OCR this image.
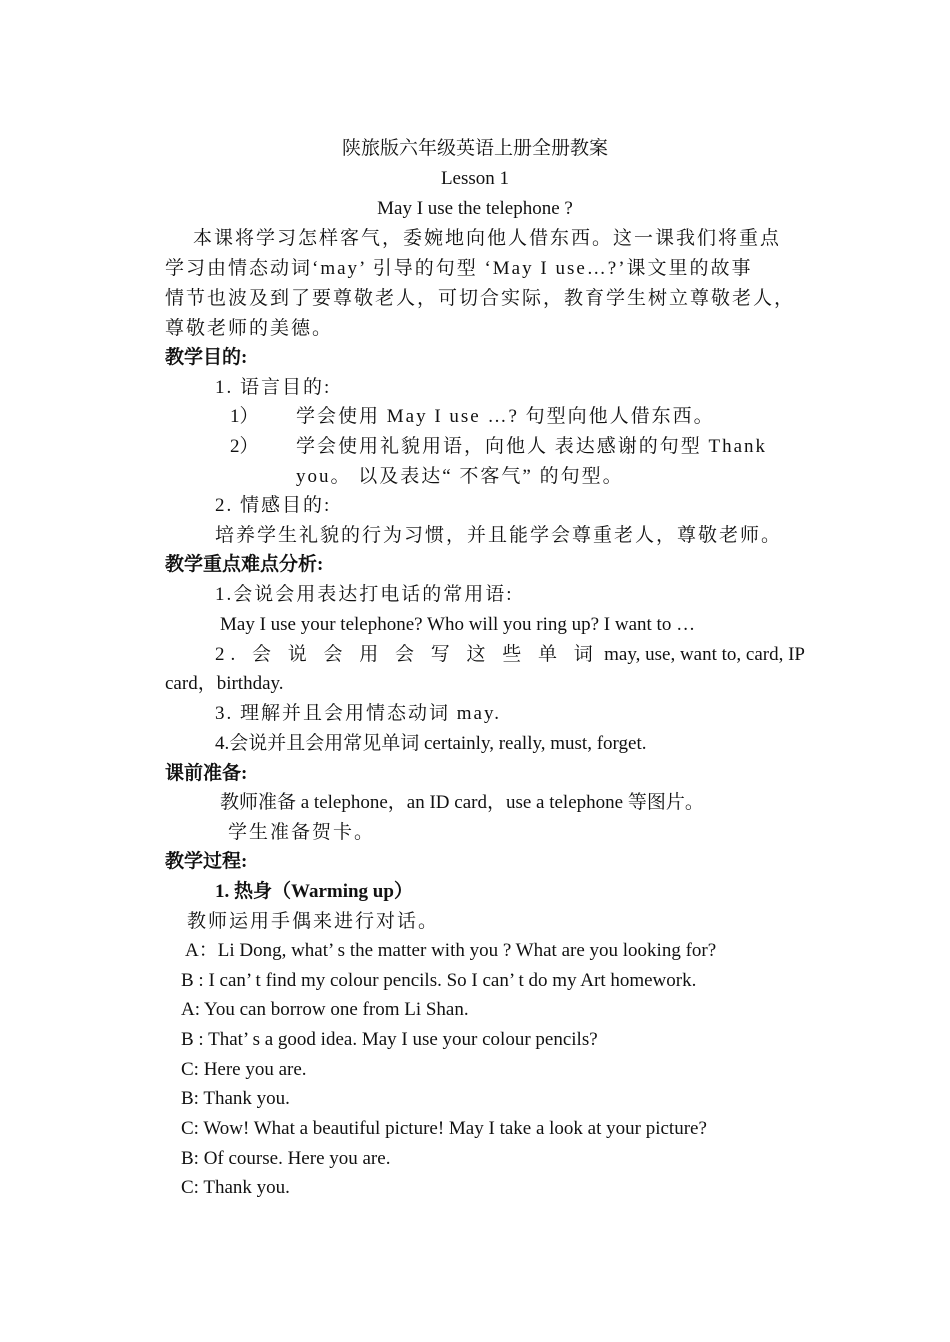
陕旅版六年级英语上册全册教案
Lesson 1
May I use the telephone ?
本课将学习怎样客气，委婉地向他人借东西。这一课我们将重点
学习由情态动词‘may’ 引导的句型 ‘May I use…?’课文里的故事
情节也波及到了要尊敬老人，可切合实际，教育学生树立尊敬老人，
尊敬老师的美德。
教学目的:
1. 语言目的:
1） 学会使用 May I use …? 句型向他人借东西。
2） 学会使用礼貌用语，向他人 表达感谢的句型 Thank
you。 以及表达“ 不客气” 的句型。
2. 情感目的:
培养学生礼貌的行为习惯，并且能学会尊重老人，尊敬老师。
教学重点难点分析:
1.会说会用表达打电话的常用语:
May I use your telephone? Who will you ring up? I want to …
2. 会 说 会 用 会 写 这 些 单 词 may, use, want to, card, IP
card，birthday.
3. 理解并且会用情态动词 may.
4.会说并且会用常见单词 certainly, really, must, forget.
课前准备:
教师准备 a telephone，an ID card，use a telephone 等图片。
学生准备贺卡。
教学过程:
1. 热身（Warming up）
教师运用手偶来进行对话。
A：Li Dong, what’ s the matter with you ? What are you looking for?
B : I can’ t find my colour pencils. So I can’ t do my Art homework.
A: You can borrow one from Li Shan.
B : That’ s a good idea. May I use your colour pencils?
C: Here you are.
B: Thank you.
C: Wow! What a beautiful picture! May I take a look at your picture?
B: Of course. Here you are.
C: Thank you.
